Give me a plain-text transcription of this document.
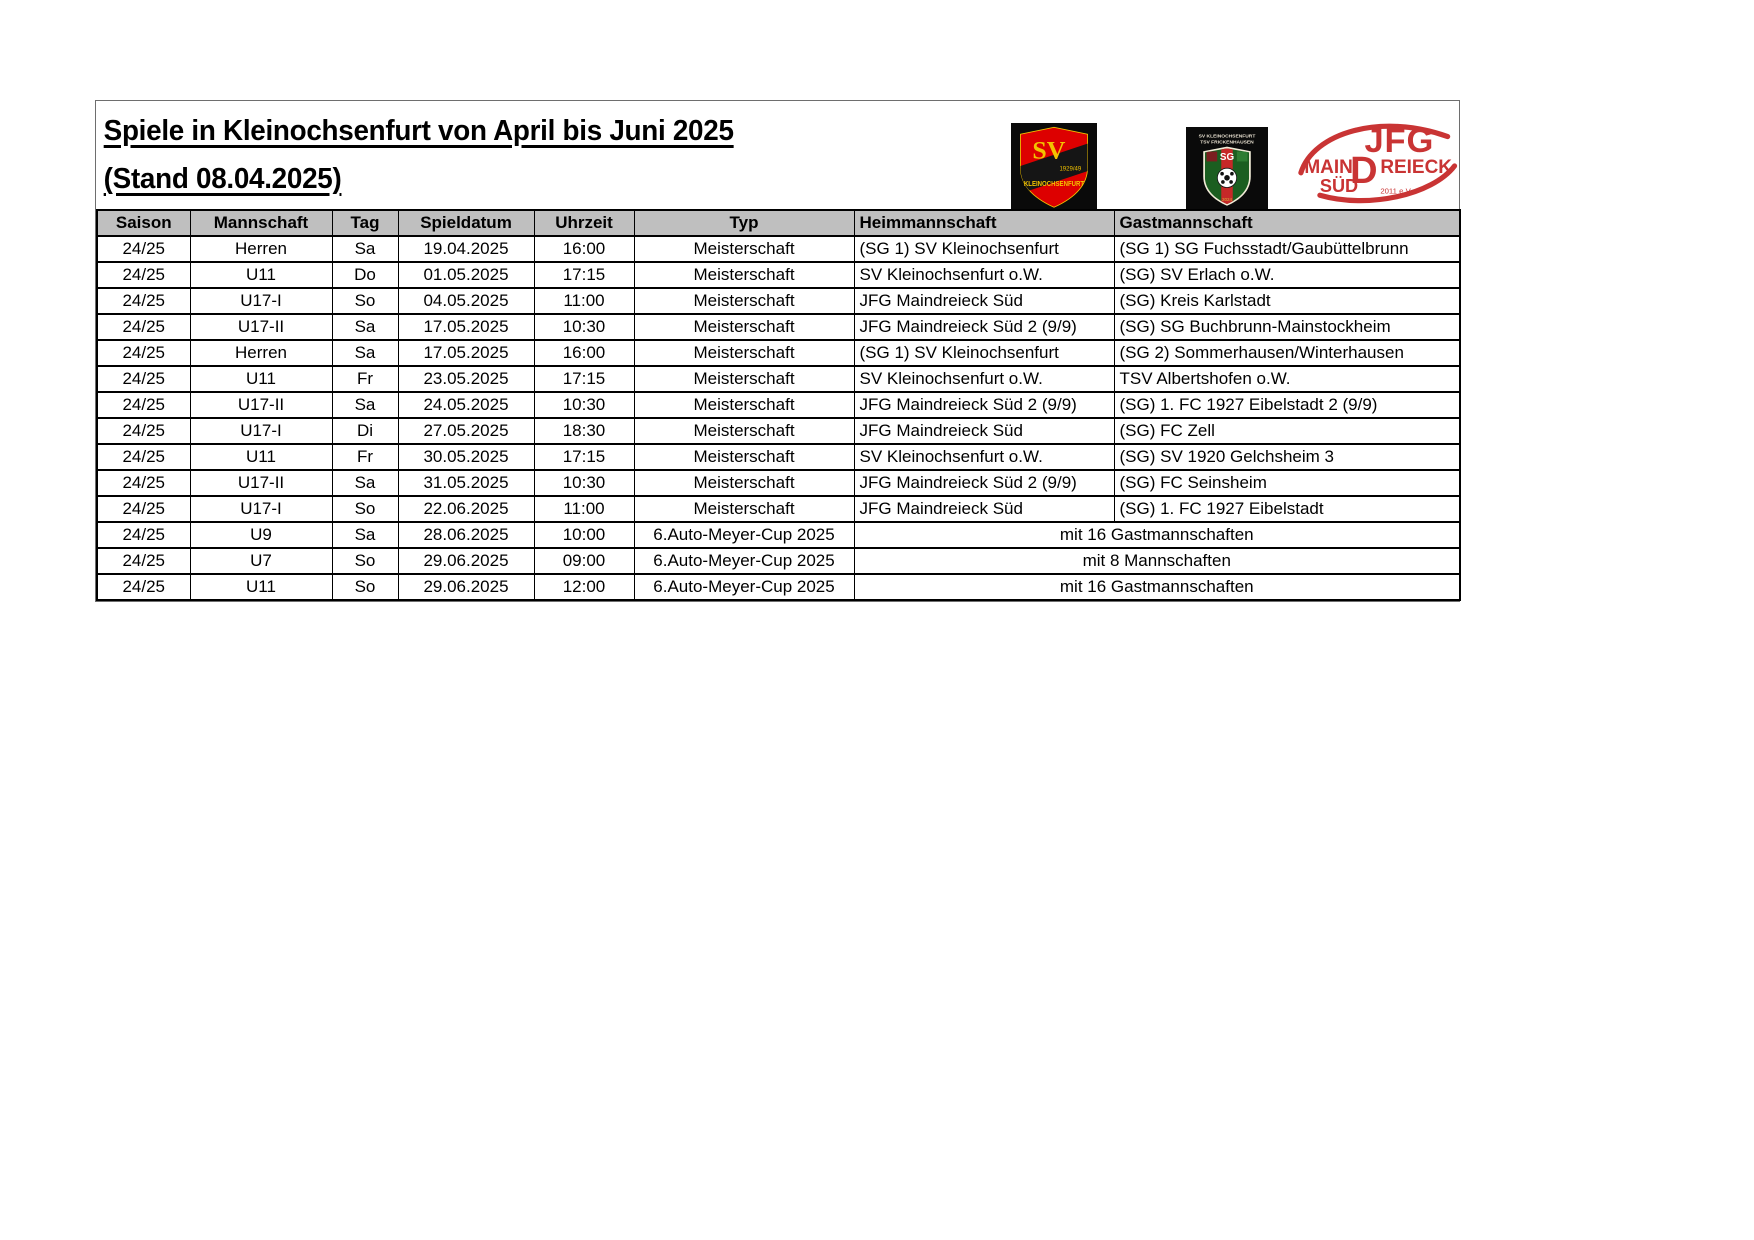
Spiele in Kleinochsenfurt von April bis Juni 2025
(Stand 08.04.2025)
SV
1929/49
KLEINOCHSENFURT
SV KLEINOCHSENFURT
TSV FRICKENHAUSEN
SG
2024
JFG
MAIN
D REIECK
SÜD 2011 e.V.
Saison	Mannschaft	Tag	Spieldatum	Uhrzeit	Typ	Heimmannschaft	Gastmannschaft
24/25	Herren	Sa	19.04.2025	16:00	Meisterschaft	(SG 1) SV Kleinochsenfurt	(SG 1) SG Fuchsstadt/Gaubüttelbrunn
24/25	U11	Do	01.05.2025	17:15	Meisterschaft	SV Kleinochsenfurt o.W.	(SG) SV Erlach o.W.
24/25	U17-I	So	04.05.2025	11:00	Meisterschaft	JFG Maindreieck Süd	(SG) Kreis Karlstadt
24/25	U17-II	Sa	17.05.2025	10:30	Meisterschaft	JFG Maindreieck Süd 2 (9/9)	(SG) SG Buchbrunn-Mainstockheim
24/25	Herren	Sa	17.05.2025	16:00	Meisterschaft	(SG 1) SV Kleinochsenfurt	(SG 2) Sommerhausen/Winterhausen
24/25	U11	Fr	23.05.2025	17:15	Meisterschaft	SV Kleinochsenfurt o.W.	TSV Albertshofen o.W.
24/25	U17-II	Sa	24.05.2025	10:30	Meisterschaft	JFG Maindreieck Süd 2 (9/9)	(SG) 1. FC 1927 Eibelstadt 2 (9/9)
24/25	U17-I	Di	27.05.2025	18:30	Meisterschaft	JFG Maindreieck Süd	(SG) FC Zell
24/25	U11	Fr	30.05.2025	17:15	Meisterschaft	SV Kleinochsenfurt o.W.	(SG) SV 1920 Gelchsheim 3
24/25	U17-II	Sa	31.05.2025	10:30	Meisterschaft	JFG Maindreieck Süd 2 (9/9)	(SG) FC Seinsheim
24/25	U17-I	So	22.06.2025	11:00	Meisterschaft	JFG Maindreieck Süd	(SG) 1. FC 1927 Eibelstadt
24/25	U9	Sa	28.06.2025	10:00	6.Auto-Meyer-Cup 2025	mit 16 Gastmannschaften	
24/25	U7	So	29.06.2025	09:00	6.Auto-Meyer-Cup 2025	mit 8 Mannschaften	
24/25	U11	So	29.06.2025	12:00	6.Auto-Meyer-Cup 2025	mit 16 Gastmannschaften	
